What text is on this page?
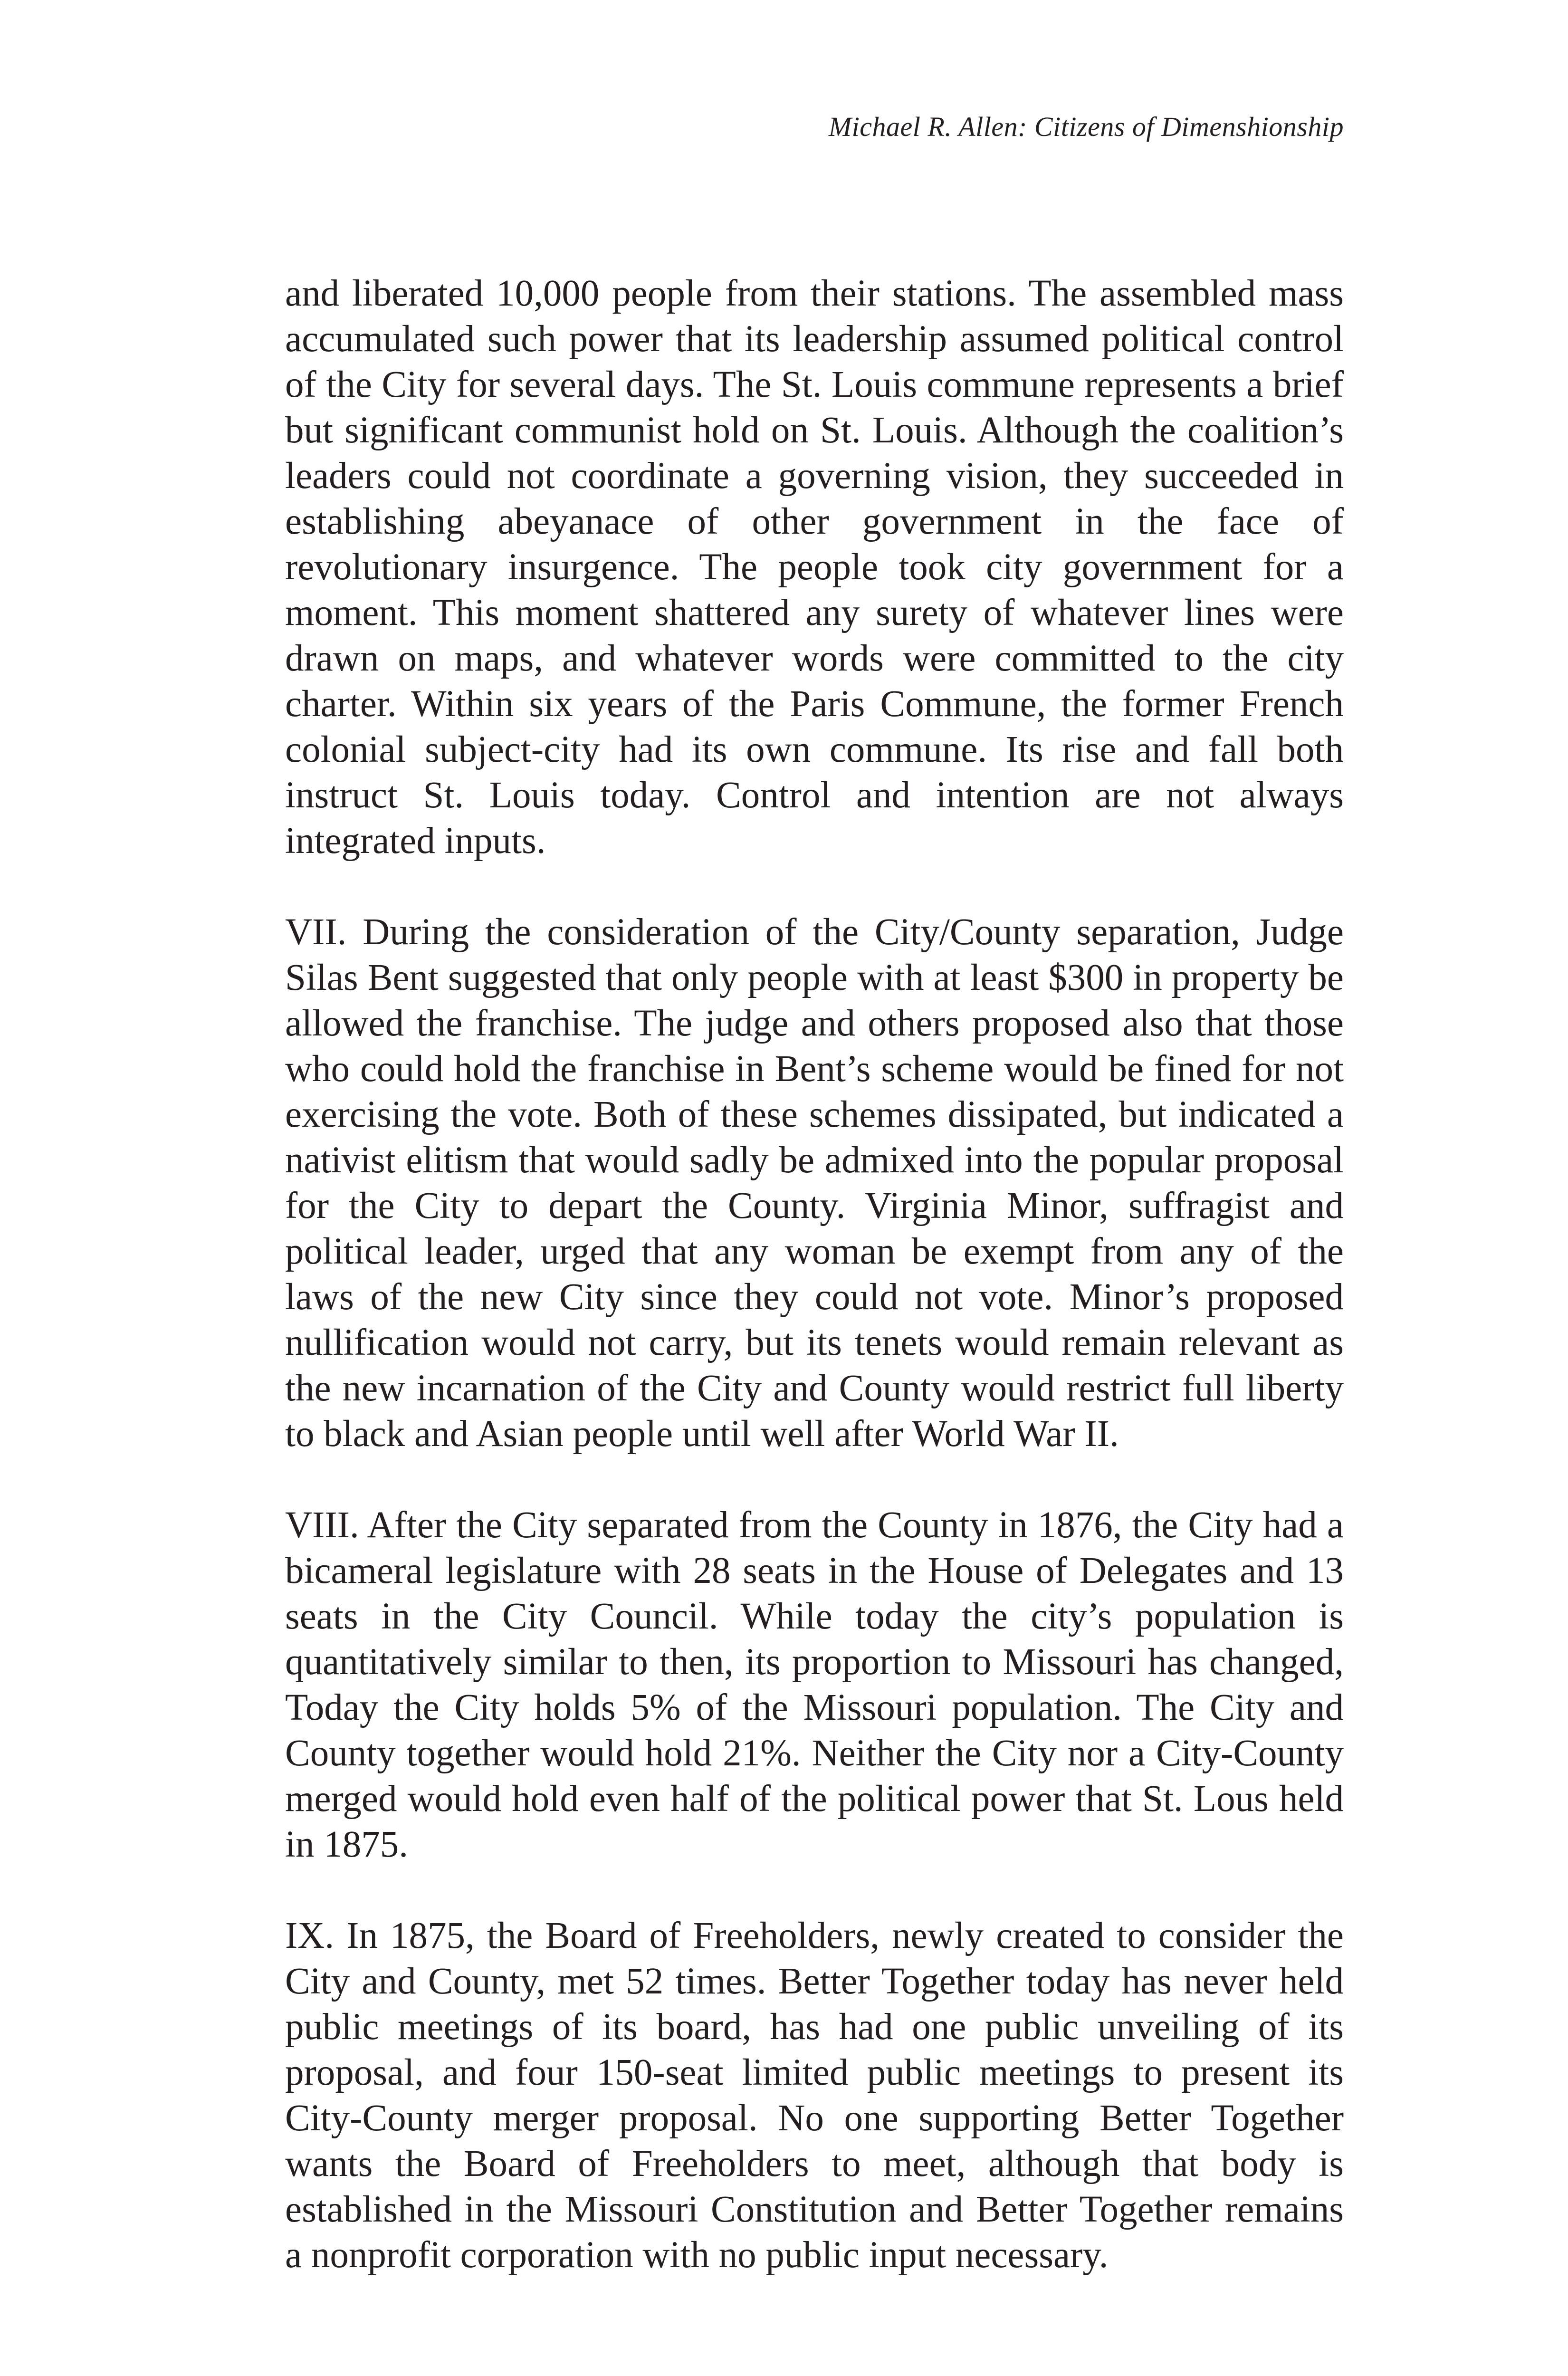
Michael R. Allen: Citizens of Dimenshionship

and liberated 10,000 people from their stations. The assembled mass accumulated such power that its leadership assumed political control of the City for several days. The St. Louis commune represents a brief but significant communist hold on St. Louis. Although the coalition’s leaders could not coordinate a governing vision, they succeeded in establishing abeyanace of other government in the face of revolutionary insurgence. The people took city government for a moment. This moment shattered any surety of whatever lines were drawn on maps, and whatever words were committed to the city charter. Within six years of the Paris Commune, the former French colonial subject-city had its own commune. Its rise and fall both instruct St. Louis today. Control and intention are not always integrated inputs.

VII. During the consideration of the City/County separation, Judge Silas Bent suggested that only people with at least $300 in property be allowed the franchise. The judge and others proposed also that those who could hold the franchise in Bent’s scheme would be fined for not exercising the vote. Both of these schemes dissipated, but indicated a nativist elitism that would sadly be admixed into the popular proposal for the City to depart the County. Virginia Minor, suffragist and political leader, urged that any woman be exempt from any of the laws of the new City since they could not vote. Minor’s proposed nullification would not carry, but its tenets would remain relevant as the new incarnation of the City and County would restrict full liberty to black and Asian people until well after World War II.

VIII. After the City separated from the County in 1876, the City had a bicameral legislature with 28 seats in the House of Delegates and 13 seats in the City Council. While today the city’s population is quantitatively similar to then, its proportion to Missouri has changed, Today the City holds 5% of the Missouri population. The City and County together would hold 21%. Neither the City nor a City-County merged would hold even half of the political power that St. Lous held in 1875.

IX. In 1875, the Board of Freeholders, newly created to consider the City and County, met 52 times. Better Together today has never held public meetings of its board, has had one public unveiling of its proposal, and four 150-seat limited public meetings to present its City-County merger proposal. No one supporting Better Together wants the Board of Freeholders to meet, although that body is established in the Missouri Constitution and Better Together remains a nonprofit corporation with no public input necessary.
